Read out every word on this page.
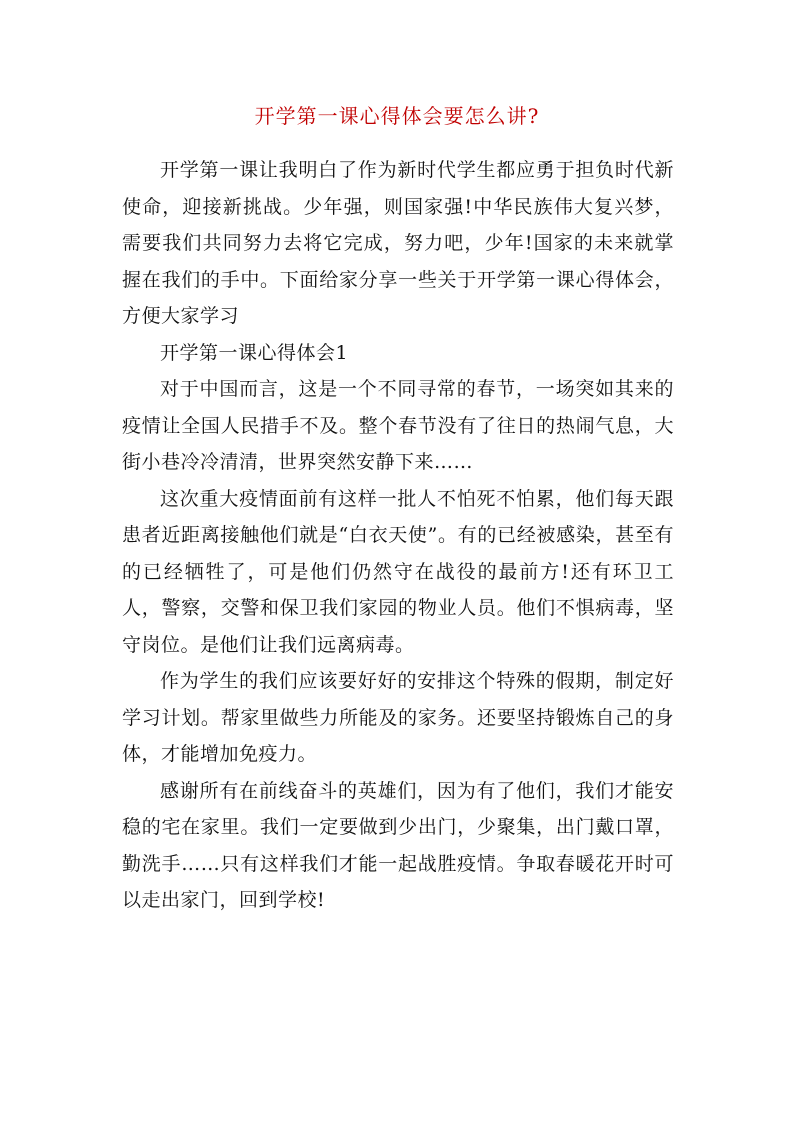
开学第一课心得体会要怎么讲?

开学第一课让我明白了作为新时代学生都应勇于担负时代新使命，迎接新挑战。少年强，则国家强!中华民族伟大复兴梦，需要我们共同努力去将它完成，努力吧，少年!国家的未来就掌握在我们的手中。下面给家分享一些关于开学第一课心得体会，方便大家学习

开学第一课心得体会1

对于中国而言，这是一个不同寻常的春节，一场突如其来的疫情让全国人民措手不及。整个春节没有了往日的热闹气息，大街小巷冷冷清清，世界突然安静下来……

这次重大疫情面前有这样一批人不怕死不怕累，他们每天跟患者近距离接触他们就是“白衣天使”。有的已经被感染，甚至有的已经牺牲了，可是他们仍然守在战役的最前方!还有环卫工人，警察，交警和保卫我们家园的物业人员。他们不惧病毒，坚守岗位。是他们让我们远离病毒。

作为学生的我们应该要好好的安排这个特殊的假期，制定好学习计划。帮家里做些力所能及的家务。还要坚持锻炼自己的身体，才能增加免疫力。

感谢所有在前线奋斗的英雄们，因为有了他们，我们才能安稳的宅在家里。我们一定要做到少出门，少聚集，出门戴口罩，勤洗手……只有这样我们才能一起战胜疫情。争取春暖花开时可以走出家门，回到学校!
